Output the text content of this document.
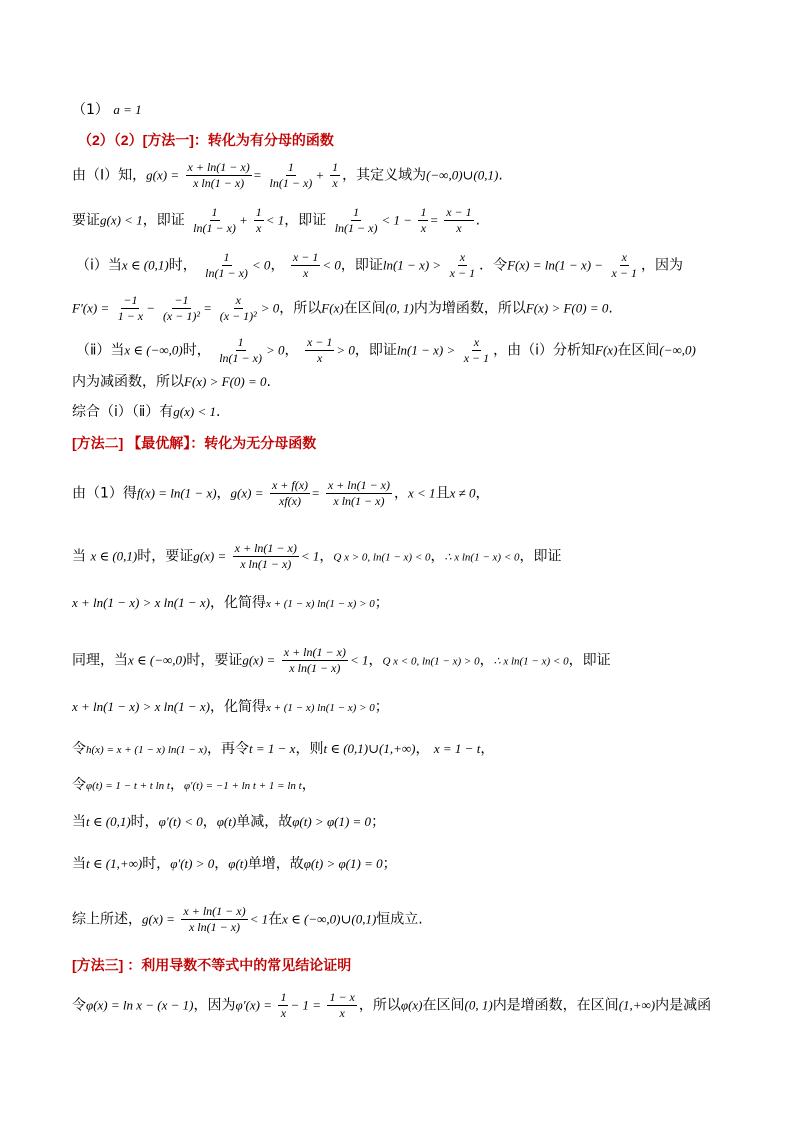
（1） a = 1
（2）（2）[方法一]：转化为有分母的函数
由（Ⅰ）知，$g(x) = \frac{x + \ln(1 - x)}{\text{x ln(1 − x)}} = \frac{1}{\ln(1 - x)} + \frac{1}{x}$ ，其定义域为(−∞,0)∪(0,1).
要证g(x) < 1，即证 $\frac{1}{\ln(1 - x)} + \frac{1}{x} < 1$，即证 $\frac{1}{\ln(1 - x)} < 1 - \frac{1}{x} = \frac{x - 1}{x}$ .
（ⅰ）当x ∈ (0,1)时， $\frac{1}{\ln(1 - x)} < 0$， $\frac{x - 1}{x} < 0$，即证$\ln(1 - x) > \frac{x}{x - 1}$ ．令$F(x) = \ln(1 - x) - \frac{x}{x - 1}$ ，因为
$F'(x) = \frac{-1}{1 - x} - \frac{-1}{\text{(x − 1)²}} = \frac{x}{\text{(x − 1)²}} > 0$，所以F(x)在区间(0, 1)内为增函数，所以F(x) > F(0) = 0.
（ⅱ）当x ∈ (−∞,0)时， $\frac{1}{\ln(1 - x)} > 0$， $\frac{x - 1}{x} > 0$，即证$\ln(1 - x) > \frac{x}{x - 1}$ ，由（ⅰ）分析知F(x)在区间(−∞,0)
内为减函数，所以F(x) > F(0) = 0.
综合（ⅰ）（ⅱ）有g(x) < 1.
[方法二] 【最优解】：转化为无分母函数
由（1）得f(x) = ln(1 − x)，$g(x) = \frac{x + f(x)}{xf(x)} = \frac{x + \ln(1 - x)}{\text{x ln(1 − x)}}$ ，x < 1且x ≠ 0，
当 x ∈ (0,1)时，要证$g(x) = \frac{x + \ln(1 - x)}{\text{x ln(1 − x)}} < 1$，Q x > 0, ln(1 − x) < 0，∴ x ln(1 − x) < 0，即证
x + ln(1 − x) > x ln(1 − x)，化简得x + (1 − x) ln(1 − x) > 0；
同理，当x ∈ (−∞,0)时，要证$g(x) = \frac{x + \ln(1 - x)}{\text{x ln(1 − x)}} < 1$，Q x < 0, ln(1 − x) > 0，∴ x ln(1 − x) < 0，即证
x + ln(1 − x) > x ln(1 − x)，化简得x + (1 − x) ln(1 − x) > 0；
令h(x) = x + (1 − x) ln(1 − x)，再令t = 1 − x，则t ∈ (0,1)∪(1,+∞)， x = 1 − t，
令φ(t) = 1 − t + t ln t，φ′(t) = −1 + ln t + 1 = ln t，
当t ∈ (0,1)时，φ′(t) < 0，φ(t)单减，故φ(t) > φ(1) = 0；
当t ∈ (1,+∞)时，φ′(t) > 0，φ(t)单增，故φ(t) > φ(1) = 0；
综上所述，$g(x) = \frac{x + \ln(1 - x)}{\text{x ln(1 − x)}} < 1$在x ∈ (−∞,0)∪(0,1)恒成立.
[方法三] ：利用导数不等式中的常见结论证明
令φ(x) = ln x − (x − 1)，因为$\varphi'(x) = \frac{1}{x} - 1 = \frac{1 - x}{x}$ ，所以φ(x)在区间(0, 1)内是增函数，在区间(1,+∞)内是减函
